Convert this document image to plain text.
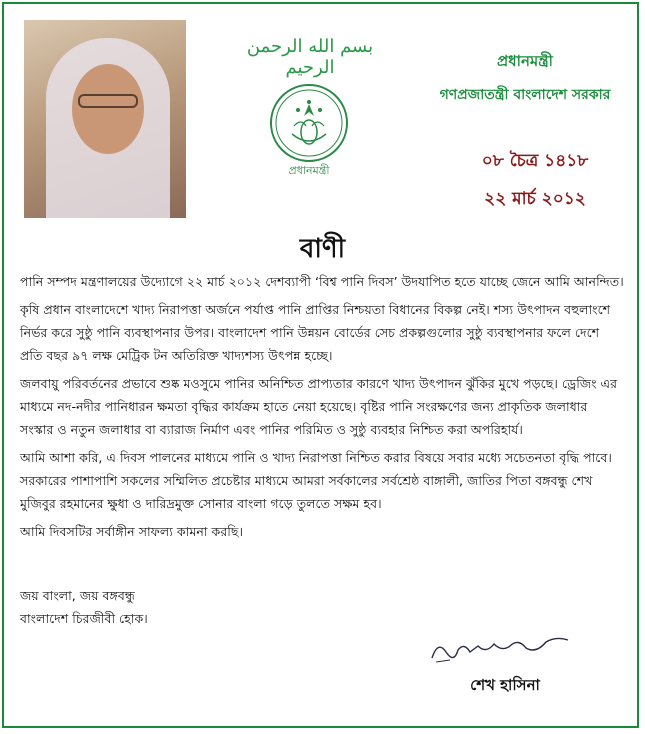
بسم الله الرحمن الرحيم
প্রধানমন্ত্রী
প্রধানমন্ত্রী
গণপ্রজাতন্ত্রী বাংলাদেশ সরকার
০৮ চৈত্র ১৪১৮
২২ মার্চ ২০১২
বাণী

পানি সম্পদ মন্ত্রণালয়ের উদ্যোগে ২২ মার্চ ২০১২ দেশব্যাপী ‘বিশ্ব পানি দিবস’ উদযাপিত হতে যাচ্ছে জেনে আমি আনন্দিত।

কৃষি প্রধান বাংলাদেশে খাদ্য নিরাপত্তা অর্জনে পর্যাপ্ত পানি প্রাপ্তির নিশ্চয়তা বিধানের বিকল্প নেই। শস্য উৎপাদন বহুলাংশে নির্ভর করে সুষ্ঠু পানি ব্যবস্থাপনার উপর। বাংলাদেশ পানি উন্নয়ন বোর্ডের সেচ প্রকল্পগুলোর সুষ্ঠু ব্যবস্থাপনার ফলে দেশে প্রতি বছর ৯৭ লক্ষ মেট্রিক টন অতিরিক্ত খাদ্যশস্য উৎপন্ন হচ্ছে।

জলবায়ু পরিবর্তনের প্রভাবে শুষ্ক মওসুমে পানির অনিশ্চিত প্রাপ্যতার কারণে খাদ্য উৎপাদন ঝুঁকির মুখে পড়ছে। ড্রেজিং এর মাধ্যমে নদ-নদীর পানিধারন ক্ষমতা বৃদ্ধির কার্যক্রম হাতে নেয়া হয়েছে। বৃষ্টির পানি সংরক্ষণের জন্য প্রাকৃতিক জলাধার সংস্কার ও নতুন জলাধার বা ব্যারাজ নির্মাণ এবং পানির পরিমিত ও সুষ্ঠু ব্যবহার নিশ্চিত করা অপরিহার্য।

আমি আশা করি, এ দিবস পালনের মাধ্যমে পানি ও খাদ্য নিরাপত্তা নিশ্চিত করার বিষয়ে সবার মধ্যে সচেতনতা বৃদ্ধি পাবে। সরকারের পাশাপাশি সকলের সম্মিলিত প্রচেষ্টার মাধ্যমে আমরা সর্বকালের সর্বশ্রেষ্ঠ বাঙ্গালী, জাতির পিতা বঙ্গবন্ধু শেখ মুজিবুর রহমানের ক্ষুধা ও দারিদ্রমুক্ত সোনার বাংলা গড়ে তুলতে সক্ষম হব।

আমি দিবসটির সর্বাঙ্গীন সাফল্য কামনা করছি।

জয় বাংলা, জয় বঙ্গবন্ধু
বাংলাদেশ চিরজীবী হোক।
শেখ হাসিনা
